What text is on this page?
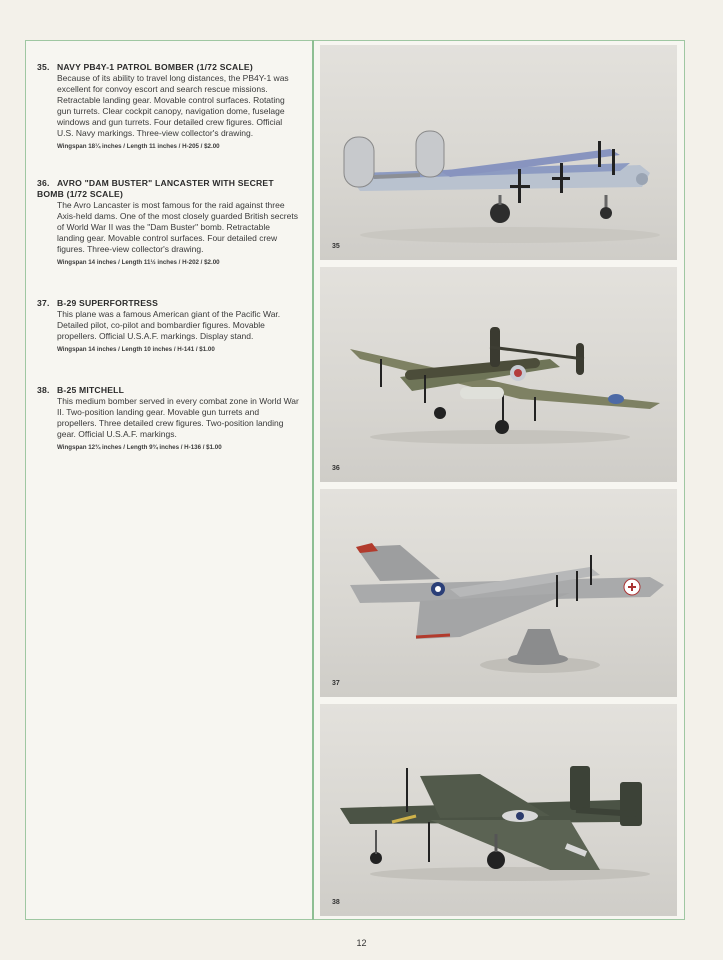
35. NAVY PB4Y-1 PATROL BOMBER (1/72 SCALE)

Because of its ability to travel long distances, the PB4Y-1 was excellent for convoy escort and search rescue missions. Retractable landing gear. Movable control surfaces. Rotating gun turrets. Clear cockpit canopy, navigation dome, fuselage windows and gun turrets. Four detailed crew figures. Official U.S. Navy markings. Three-view collector's drawing.

Wingspan 18¼ inches / Length 11 inches / H-205 / $2.00

36. AVRO "DAM BUSTER" LANCASTER WITH SECRET BOMB (1/72 SCALE)

The Avro Lancaster is most famous for the raid against three Axis-held dams. One of the most closely guarded British secrets of World War II was the "Dam Buster" bomb. Retractable landing gear. Movable control surfaces. Four detailed crew figures. Three-view collector's drawing.

Wingspan 14 inches / Length 11½ inches / H-202 / $2.00

37. B-29 SUPERFORTRESS

This plane was a famous American giant of the Pacific War. Detailed pilot, co-pilot and bombardier figures. Movable propellers. Official U.S.A.F. markings. Display stand.

Wingspan 14 inches / Length 10 inches / H-141 / $1.00

38. B-25 MITCHELL

This medium bomber served in every combat zone in World War II. Two-position landing gear. Movable gun turrets and propellers. Three detailed crew figures. Two-position landing gear. Official U.S.A.F. markings.

Wingspan 12¾ inches / Length 9¾ inches / H-136 / $1.00

35
36
37
38
12
